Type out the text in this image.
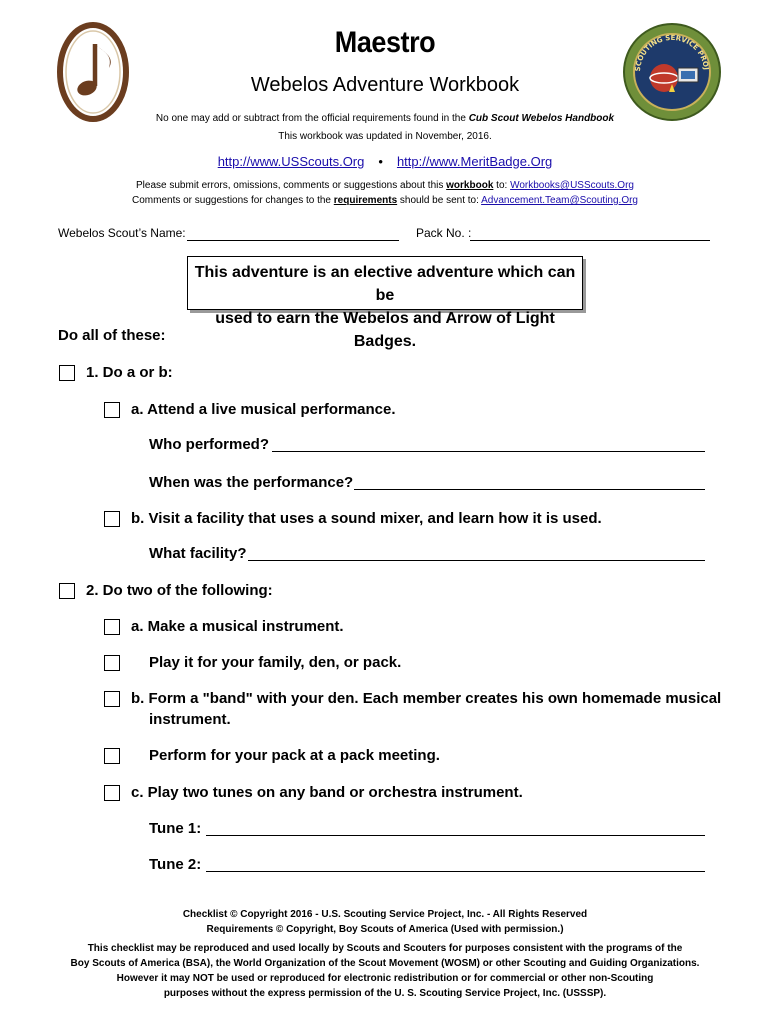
SCOUTING SERVICE PROJ
Maestro
Webelos Adventure Workbook
No one may add or subtract from the official requirements found in the Cub Scout Webelos Handbook
This workbook was updated in November, 2016.
http://www.USScouts.Org • http://www.MeritBadge.Org
Please submit errors, omissions, comments or suggestions about this workbook to: Workbooks@USScouts.Org
Comments or suggestions for changes to the requirements should be sent to: Advancement.Team@Scouting.Org
Webelos Scout’s Name:	Pack No. :
This adventure is an elective adventure which can be
used to earn the Webelos and Arrow of Light Badges.
Do all of these:
1. Do a or b:
a. Attend a live musical performance.
Who performed?
When was the performance?
b. Visit a facility that uses a sound mixer, and learn how it is used.
What facility?
2. Do two of the following:
a. Make a musical instrument.
Play it for your family, den, or pack.
b. Form a "band" with your den. Each member creates his own homemade musical
instrument.
Perform for your pack at a pack meeting.
c. Play two tunes on any band or orchestra instrument.
Tune 1:
Tune 2:
Checklist © Copyright 2016 - U.S. Scouting Service Project, Inc. - All Rights Reserved
Requirements © Copyright, Boy Scouts of America (Used with permission.)
This checklist may be reproduced and used locally by Scouts and Scouters for purposes consistent with the programs of the
Boy Scouts of America (BSA), the World Organization of the Scout Movement (WOSM) or other Scouting and Guiding Organizations.
However it may NOT be used or reproduced for electronic redistribution or for commercial or other non-Scouting
purposes without the express permission of the U. S. Scouting Service Project, Inc. (USSSP).
